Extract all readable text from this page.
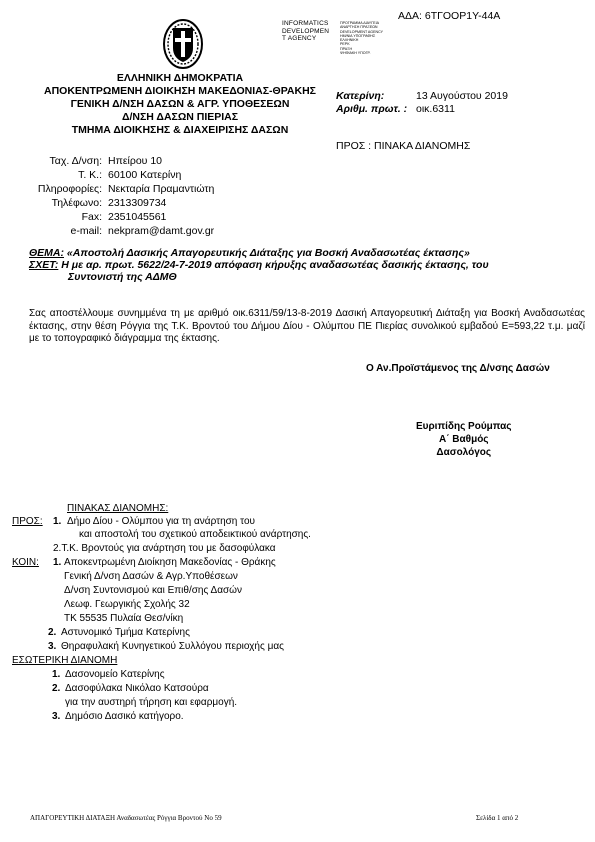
ΑΔΑ: 6ΤΓΟΟΡ1Υ-44Α
INFORMATICS
DEVELOPMEN
T AGENCY
ΠΡΟΓΡΑΜΜΑ ΔΙΑΥΓΕΙΑ
ΑΝΑΡΤΗΣΗ ΠΡΑΞΕΩΝ
DEVELOPMENT AGENCY
ΗΜ/ΝΙΑ ΥΠΟΓΡΑΦΗΣ
ΕΛΛΗΝΙΚΗ
ΡΕΡΚ
ΠΡΑΞΗ
ΨΗΦΙΑΚΗ ΥΠΟΓΡ.
ΕΛΛΗΝΙΚΗ ΔΗΜΟΚΡΑΤΙΑ
ΑΠΟΚΕΝΤΡΩΜΕΝΗ ΔΙΟΙΚΗΣΗ ΜΑΚΕΔΟΝΙΑΣ-ΘΡΑΚΗΣ
ΓΕΝΙΚΗ Δ/ΝΣΗ ΔΑΣΩΝ & ΑΓΡ. ΥΠΟΘΕΣΕΩΝ
Δ/ΝΣΗ ΔΑΣΩΝ ΠΙΕΡΙΑΣ
ΤΜΗΜΑ ΔΙΟΙΚΗΣΗΣ & ΔΙΑΧΕΙΡΙΣΗΣ ΔΑΣΩΝ
Κατερίνη:	13 Αυγούστου 2019
Αριθμ. πρωτ. : οικ.6311
ΠΡΟΣ : ΠΙΝΑΚΑ ΔΙΑΝΟΜΗΣ
Ταχ. Δ/νση: Ηπείρου 10
Τ. Κ.: 60100 Κατερίνη
Πληροφορίες: Νεκταρία Πραμαντιώτη
Τηλέφωνο: 2313309734
Fax: 2351045561
e-mail: nekpram@damt.gov.gr
ΘΕΜΑ: «Αποστολή Δασικής Απαγορευτικής Διάταξης για Βοσκή Αναδασωτέας έκτασης»
ΣΧΕΤ: Η με αρ. πρωτ. 5622/24-7-2019 απόφαση κήρυξης αναδασωτέας δασικής έκτασης, του
Συντονιστή της ΑΔΜΘ
Σας αποστέλλουμε συνημμένα τη με αριθμό οικ.6311/59/13-8-2019 Δασική Απαγορευτική Διάταξη για Βοσκή Αναδασωτέας έκτασης, στην θέση Ρόγγια της Τ.Κ. Βροντού του Δήμου Δίου - Ολύμπου ΠΕ Πιερίας συνολικού εμβαδού Ε=593,22 τ.μ. μαζί με το τοπογραφικό διάγραμμα της έκτασης.
Ο Αν.Προϊστάμενος της Δ/νσης Δασών
Ευριπίδης Ρούμπας
Α΄ Βαθμός
Δασολόγος
ΠΙΝΑΚΑΣ ΔΙΑΝΟΜΗΣ:
ΠΡΟΣ: 1. Δήμο Δίου - Ολύμπου για τη ανάρτηση του
και αποστολή του σχετικού αποδεικτικού ανάρτησης.
2.Τ.Κ. Βροντούς για ανάρτηση του με δασοφύλακα
ΚΟΙΝ: 1. Αποκεντρωμένη Διοίκηση Μακεδονίας - Θράκης
Γενική Δ/νση Δασών & Αγρ.Υποθέσεων
Δ/νση Συντονισμού και Επιθ/σης Δασών
Λεωφ. Γεωργικής Σχολής 32
ΤΚ 55535 Πυλαία Θεσ/νίκη
2. Αστυνομικό Τμήμα Κατερίνης
3. Θηραφυλακή Κυνηγετικού Συλλόγου περιοχής μας
ΕΣΩΤΕΡΙΚΗ ΔΙΑΝΟΜΗ
1. Δασονομείο Κατερίνης
2. Δασοφύλακα Νικόλαο Κατσούρα
για την αυστηρή τήρηση και εφαρμογή.
3. Δημόσιο Δασικό κατήγορο.
ΑΠΑΓΟΡΕΥΤΙΚΗ ΔΙΑΤΑΞΗ Αναδασωτέας Ρόγγια Βροντού Νο 59	Σελίδα 1 από 2
